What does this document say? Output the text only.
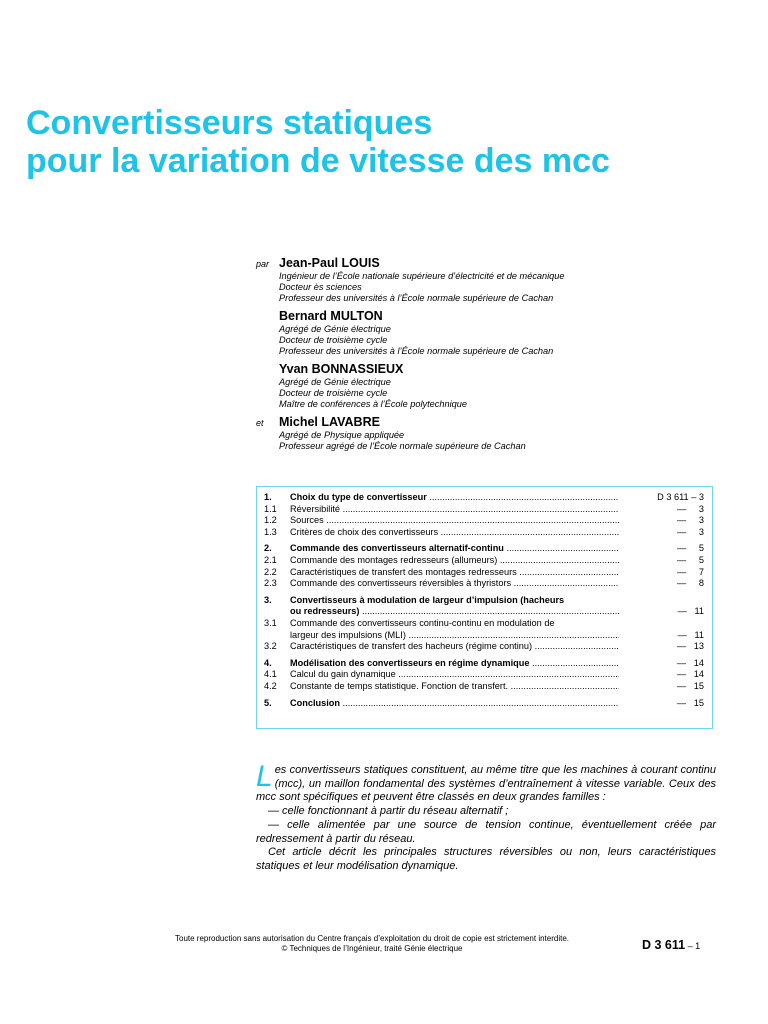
Convertisseurs statiques
pour la variation de vitesse des mcc
par Jean-Paul LOUIS
Ingénieur de l’École nationale supérieure d’électricité et de mécanique
Docteur ès sciences
Professeur des universités à l’École normale supérieure de Cachan
Bernard MULTON
Agrégé de Génie électrique
Docteur de troisième cycle
Professeur des universités à l’École normale supérieure de Cachan
Yvan BONNASSIEUX
Agrégé de Génie électrique
Docteur de troisième cycle
Maître de conférences à l’École polytechnique
et Michel LAVABRE
Agrégé de Physique appliquée
Professeur agrégé de l’École normale supérieure de Cachan
1.	Choix du type de convertisseur .....	D 3 611 – 3
1.1	Réversibilité .....	—     3
1.2	Sources .....	—     3
1.3	Critères de choix des convertisseurs .....	—     3
2.	Commande des convertisseurs alternatif-continu .....	—     5
2.1	Commande des montages redresseurs (allumeurs) .....	—     5
2.2	Caractéristiques de transfert des montages redresseurs .....	—     7
2.3	Commande des convertisseurs réversibles à thyristors .....	—     8
3.	Convertisseurs à modulation de largeur d’impulsion (hacheurs
ou redresseurs) .....	—   11
3.1	Commande des convertisseurs continu-continu en modulation de
largeur des impulsions (MLI) .....	—   11
3.2	Caractéristiques de transfert des hacheurs (régime continu) .....	—   13
4.	Modélisation des convertisseurs en régime dynamique .....	—   14
4.1	Calcul du gain dynamique .....	—   14
4.2	Constante de temps statistique. Fonction de transfert. .....	—   15
5.	Conclusion .....	—   15

Les convertisseurs statiques constituent, au même titre que les machines à courant continu (mcc), un maillon fondamental des systèmes d’entraînement à vitesse variable. Ceux des mcc sont spécifiques et peuvent être classés en deux grandes familles :

— celle fonctionnant à partir du réseau alternatif ;

— celle alimentée par une source de tension continue, éventuellement créée par redressement à partir du réseau.

Cet article décrit les principales structures réversibles ou non, leurs caractéristiques statiques et leur modélisation dynamique.

Toute reproduction sans autorisation du Centre français d’exploitation du droit de copie est strictement interdite.
© Techniques de l’Ingénieur, traité Génie électrique	D 3 611 – 1
